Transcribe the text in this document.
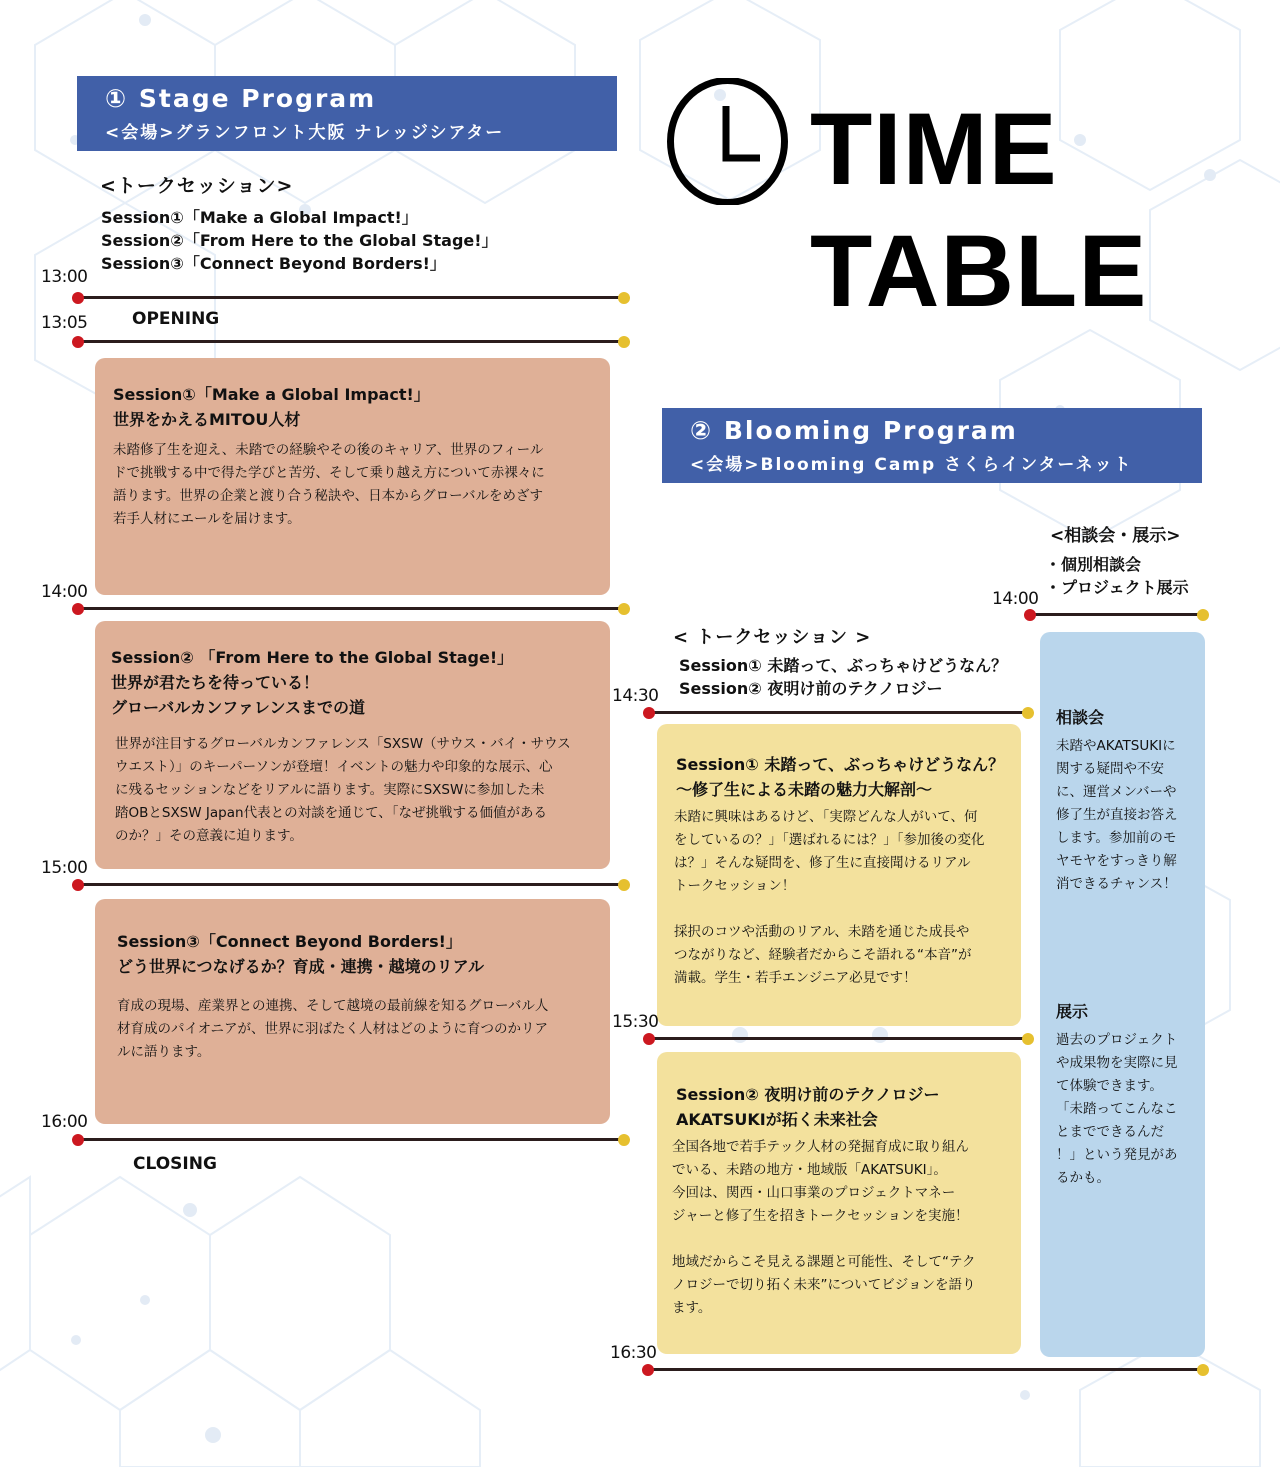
① Stage Program
<会場>グランフロント大阪 ナレッジシアター	TIME
TABLE
<トークセッション>
Session①「Make a Global Impact!」
Session②「From Here to the Global Stage!」
Session③「Connect Beyond Borders!」
13:00
13:05	OPENING
Session①「Make a Global Impact!」
世界をかえるMITOU人材
未踏修了生を迎え、未踏での経験やその後のキャリア、世界のフィール
ドで挑戦する中で得た学びと苦労、そして乗り越え方について赤裸々に
語ります。世界の企業と渡り合う秘訣や、日本からグローバルをめざす
若手人材にエールを届けます。
14:00
Session② 「From Here to the Global Stage!」
世界が君たちを待っている！
グローバルカンファレンスまでの道
世界が注目するグローバルカンファレンス「SXSW（サウス・バイ・サウス
ウエスト）」のキーパーソンが登壇！イベントの魅力や印象的な展示、心
に残るセッションなどをリアルに語ります。実際にSXSWに参加した未
踏OBとSXSW Japan代表との対談を通じて、「なぜ挑戦する価値がある
のか？」その意義に迫ります。
15:00
Session③「Connect Beyond Borders!」
どう世界につなげるか？育成・連携・越境のリアル
育成の現場、産業界との連携、そして越境の最前線を知るグローバル人
材育成のパイオニアが、世界に羽ばたく人材はどのように育つのかリア
ルに語ります。
16:00
CLOSING
② Blooming Program
<会場>Blooming Camp さくらインターネット
<相談会・展示>
・個別相談会
・プロジェクト展示
14:00
< トークセッション >
Session① 未踏って、ぶっちゃけどうなん？
Session② 夜明け前のテクノロジー
14:30
Session① 未踏って、ぶっちゃけどうなん？
〜修了生による未踏の魅力大解剖〜
未踏に興味はあるけど、「実際どんな人がいて、何
をしているの？」「選ばれるには？」「参加後の変化
は？」そんな疑問を、修了生に直接聞けるリアル
トークセッション！
採択のコツや活動のリアル、未踏を通じた成長や
つながりなど、経験者だからこそ語れる“本音”が
満載。学生・若手エンジニア必見です！
15:30
Session② 夜明け前のテクノロジー
AKATSUKIが拓く未来社会
全国各地で若手テック人材の発掘育成に取り組ん
でいる、未踏の地方・地域版「AKATSUKI」。
今回は、関西・山口事業のプロジェクトマネー
ジャーと修了生を招きトークセッションを実施！
地域だからこそ見える課題と可能性、そして“テク
ノロジーで切り拓く未来”についてビジョンを語り
ます。
相談会
未踏やAKATSUKIに
関する疑問や不安
に、運営メンバーや
修了生が直接お答え
します。参加前のモ
ヤモヤをすっきり解
消できるチャンス！
展示
過去のプロジェクト
や成果物を実際に見
て体験できます。
「未踏ってこんなこ
とまでできるんだ
！」という発見があ
るかも。
16:30
